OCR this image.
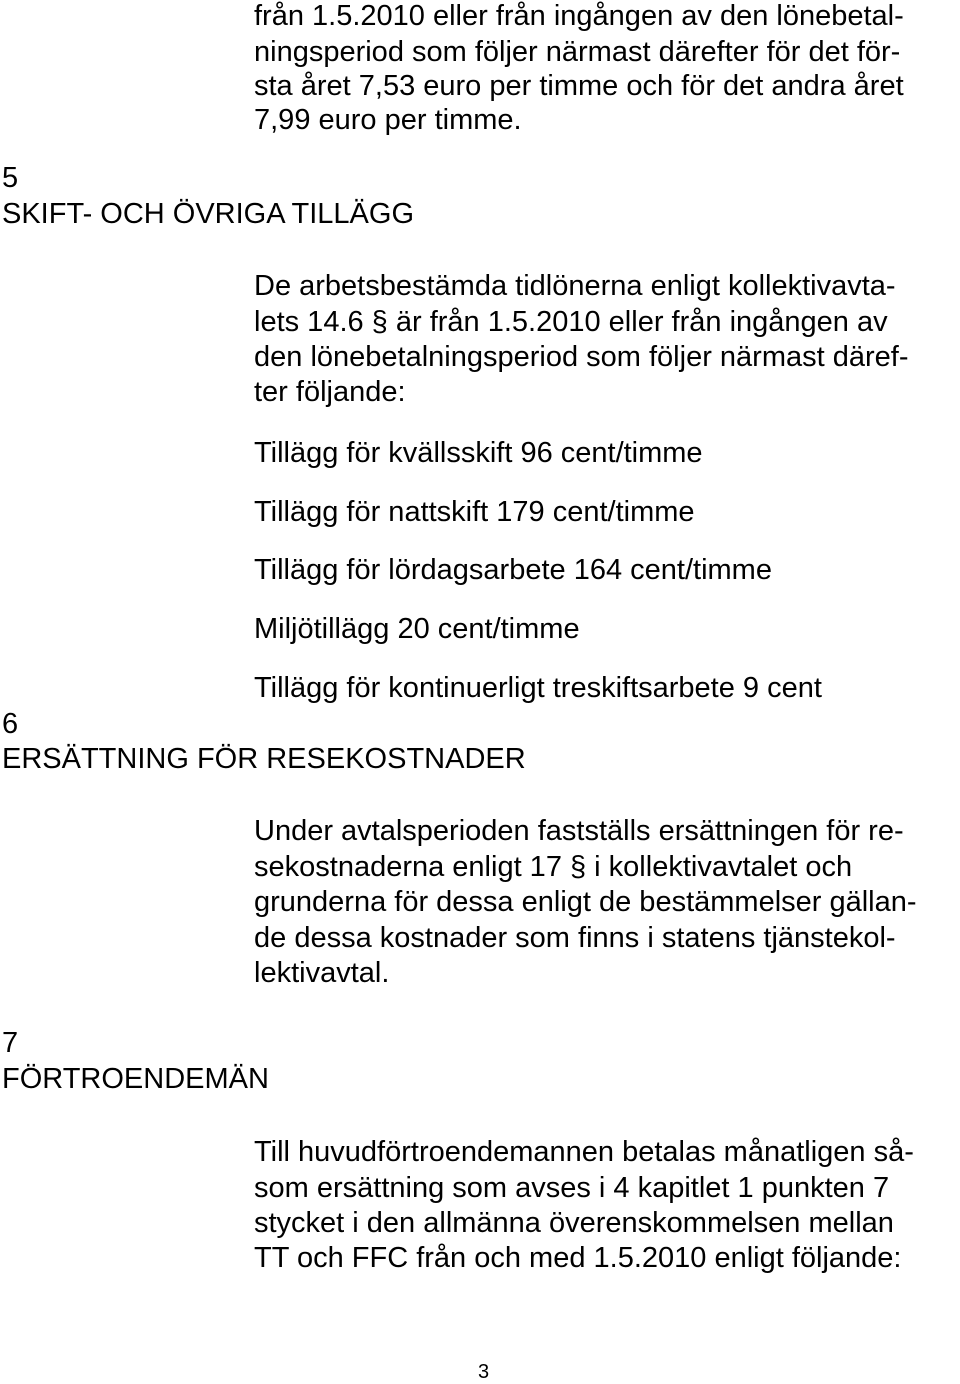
från 1.5.2010 eller från ingången av den lönebetal-

ningsperiod som följer närmast därefter för det för-

sta året 7,53 euro per timme och för det andra året

7,99 euro per timme.

5

SKIFT- OCH ÖVRIGA TILLÄGG

De arbetsbestämda tidlönerna enligt kollektivavta-

lets 14.6 § är från 1.5.2010 eller från ingången av

den lönebetalningsperiod som följer närmast däref-

ter följande:

Tillägg för kvällsskift 96 cent/timme

Tillägg för nattskift 179 cent/timme

Tillägg för lördagsarbete 164 cent/timme

Miljötillägg 20 cent/timme

Tillägg för kontinuerligt treskiftsarbete 9 cent

6

ERSÄTTNING FÖR RESEKOSTNADER

Under avtalsperioden fastställs ersättningen för re-

sekostnaderna enligt 17 § i kollektivavtalet och

grunderna för dessa enligt de bestämmelser gällan-

de dessa kostnader som finns i statens tjänstekol-

lektivavtal.

7

FÖRTROENDEMÄN

Till huvudförtroendemannen betalas månatligen så-

som ersättning som avses i 4 kapitlet 1 punkten 7

stycket i den allmänna överenskommelsen mellan

TT och FFC från och med 1.5.2010 enligt följande:

3
